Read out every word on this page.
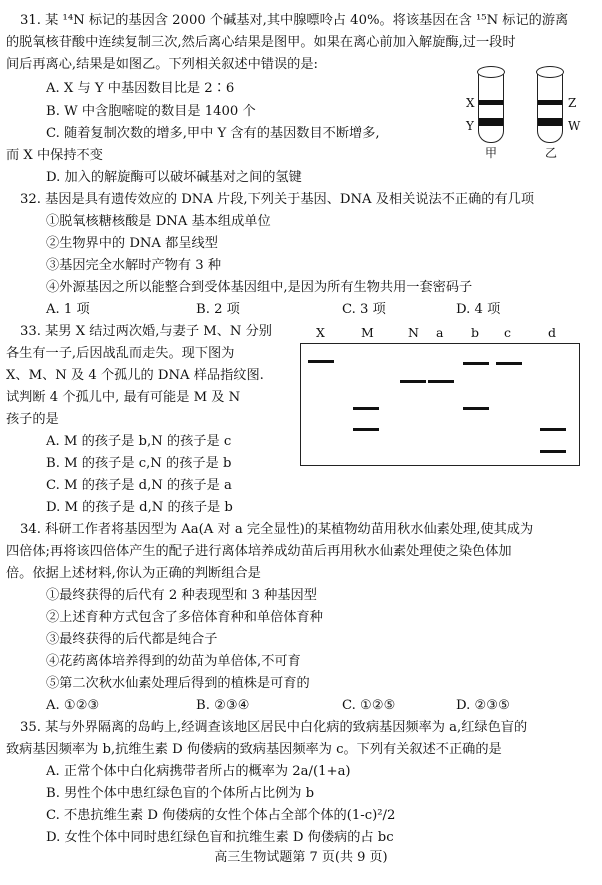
31. 某 ¹⁴N 标记的基因含 2000 个碱基对,其中腺嘌呤占 40%。将该基因在含 ¹⁵N 标记的游离
的脱氧核苷酸中连续复制三次,然后离心结果是图甲。如果在离心前加入解旋酶,过一段时
间后再离心,结果是如图乙。下列相关叙述中错误的是:
A. X 与 Y 中基因数目比是 2∶6
B. W 中含胞嘧啶的数目是 1400 个
C. 随着复制次数的增多,甲中 Y 含有的基因数目不断增多,
而 X 中保持不变
D. 加入的解旋酶可以破坏碱基对之间的氢键
X
Y
Z
W
甲	乙
32. 基因是具有遗传效应的 DNA 片段,下列关于基因、DNA 及相关说法不正确的有几项
①脱氧核糖核酸是 DNA 基本组成单位
②生物界中的 DNA 都呈线型
③基因完全水解时产物有 3 种
④外源基因之所以能整合到受体基因组中,是因为所有生物共用一套密码子
A. 1 项	B. 2 项	C. 3 项	D. 4 项
33. 某男 X 结过两次婚,与妻子 M、N 分别
各生有一子,后因战乱而走失。现下图为
X、M、N 及 4 个孤儿的 DNA 样品指纹图.
试判断 4 个孤儿中, 最有可能是 M 及 N
孩子的是
A. M 的孩子是 b,N 的孩子是 c
B. M 的孩子是 c,N 的孩子是 b
C. M 的孩子是 d,N 的孩子是 a
D. M 的孩子是 d,N 的孩子是 b
X	M	N a b c	d
34. 科研工作者将基因型为 Aa(A 对 a 完全显性)的某植物幼苗用秋水仙素处理,使其成为
四倍体;再将该四倍体产生的配子进行离体培养成幼苗后再用秋水仙素处理使之染色体加
倍。依据上述材料,你认为正确的判断组合是
①最终获得的后代有 2 种表现型和 3 种基因型
②上述育种方式包含了多倍体育种和单倍体育种
③最终获得的后代都是纯合子
④花药离体培养得到的幼苗为单倍体,不可育
⑤第二次秋水仙素处理后得到的植株是可育的
A. ①②③	B. ②③④	C. ①②⑤	D. ②③⑤
35. 某与外界隔离的岛屿上,经调查该地区居民中白化病的致病基因频率为 a,红绿色盲的
致病基因频率为 b,抗维生素 D 佝偻病的致病基因频率为 c。下列有关叙述不正确的是
A. 正常个体中白化病携带者所占的概率为 2a/(1+a)
B. 男性个体中患红绿色盲的个体所占比例为 b
C. 不患抗维生素 D 佝偻病的女性个体占全部个体的(1-c)²/2
D. 女性个体中同时患红绿色盲和抗维生素 D 佝偻病的占 bc
高三生物试题第 7 页(共 9 页)
